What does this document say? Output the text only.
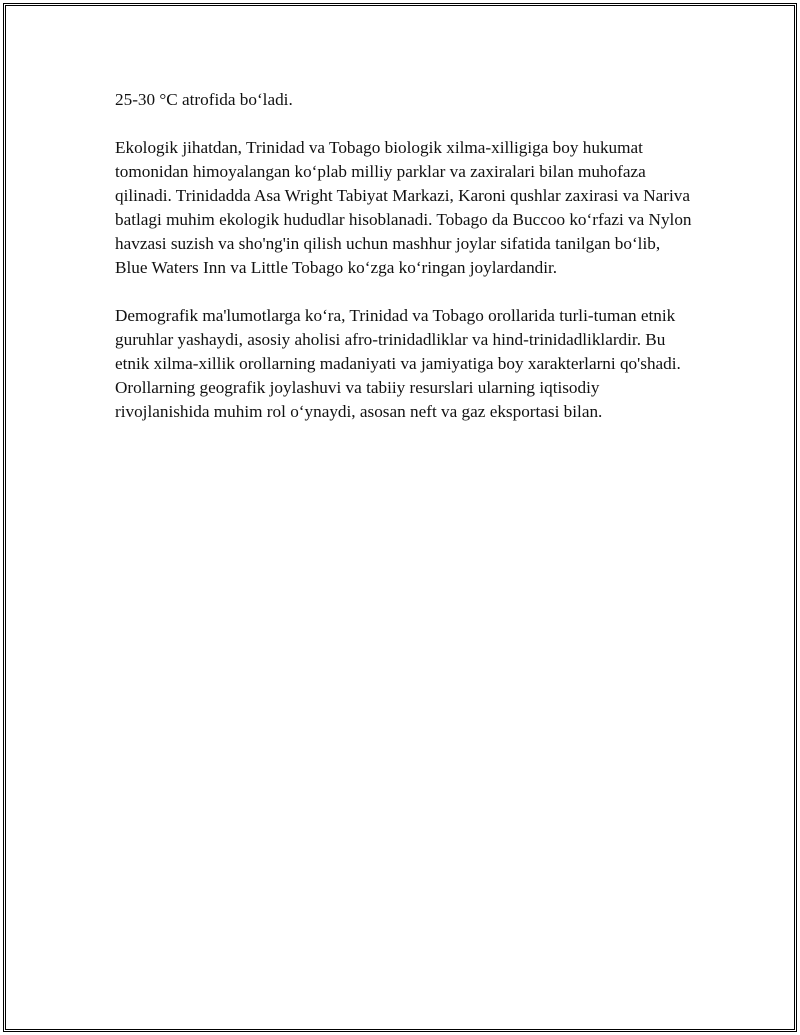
25-30 °C atrofida bo‘ladi.

Ekologik jihatdan, Trinidad va Tobago biologik xilma-xilligiga boy hukumat tomonidan himoyalangan ko‘plab milliy parklar va zaxiralari bilan muhofaza qilinadi. Trinidadda Asa Wright Tabiyat Markazi, Karoni qushlar zaxirasi va Nariva batlagi muhim ekologik hududlar hisoblanadi. Tobago da Buccoo ko‘rfazi va Nylon havzasi suzish va sho'ng'in qilish uchun mashhur joylar sifatida tanilgan bo‘lib, Blue Waters Inn va Little Tobago ko‘zga ko‘ringan joylardandir.

Demografik ma'lumotlarga ko‘ra, Trinidad va Tobago orollarida turli-tuman etnik guruhlar yashaydi, asosiy aholisi afro-trinidadliklar va hind-trinidadliklardir. Bu etnik xilma-xillik orollarning madaniyati va jamiyatiga boy xarakterlarni qo'shadi. Orollarning geografik joylashuvi va tabiiy resurslari ularning iqtisodiy rivojlanishida muhim rol o‘ynaydi, asosan neft va gaz eksportasi bilan.
